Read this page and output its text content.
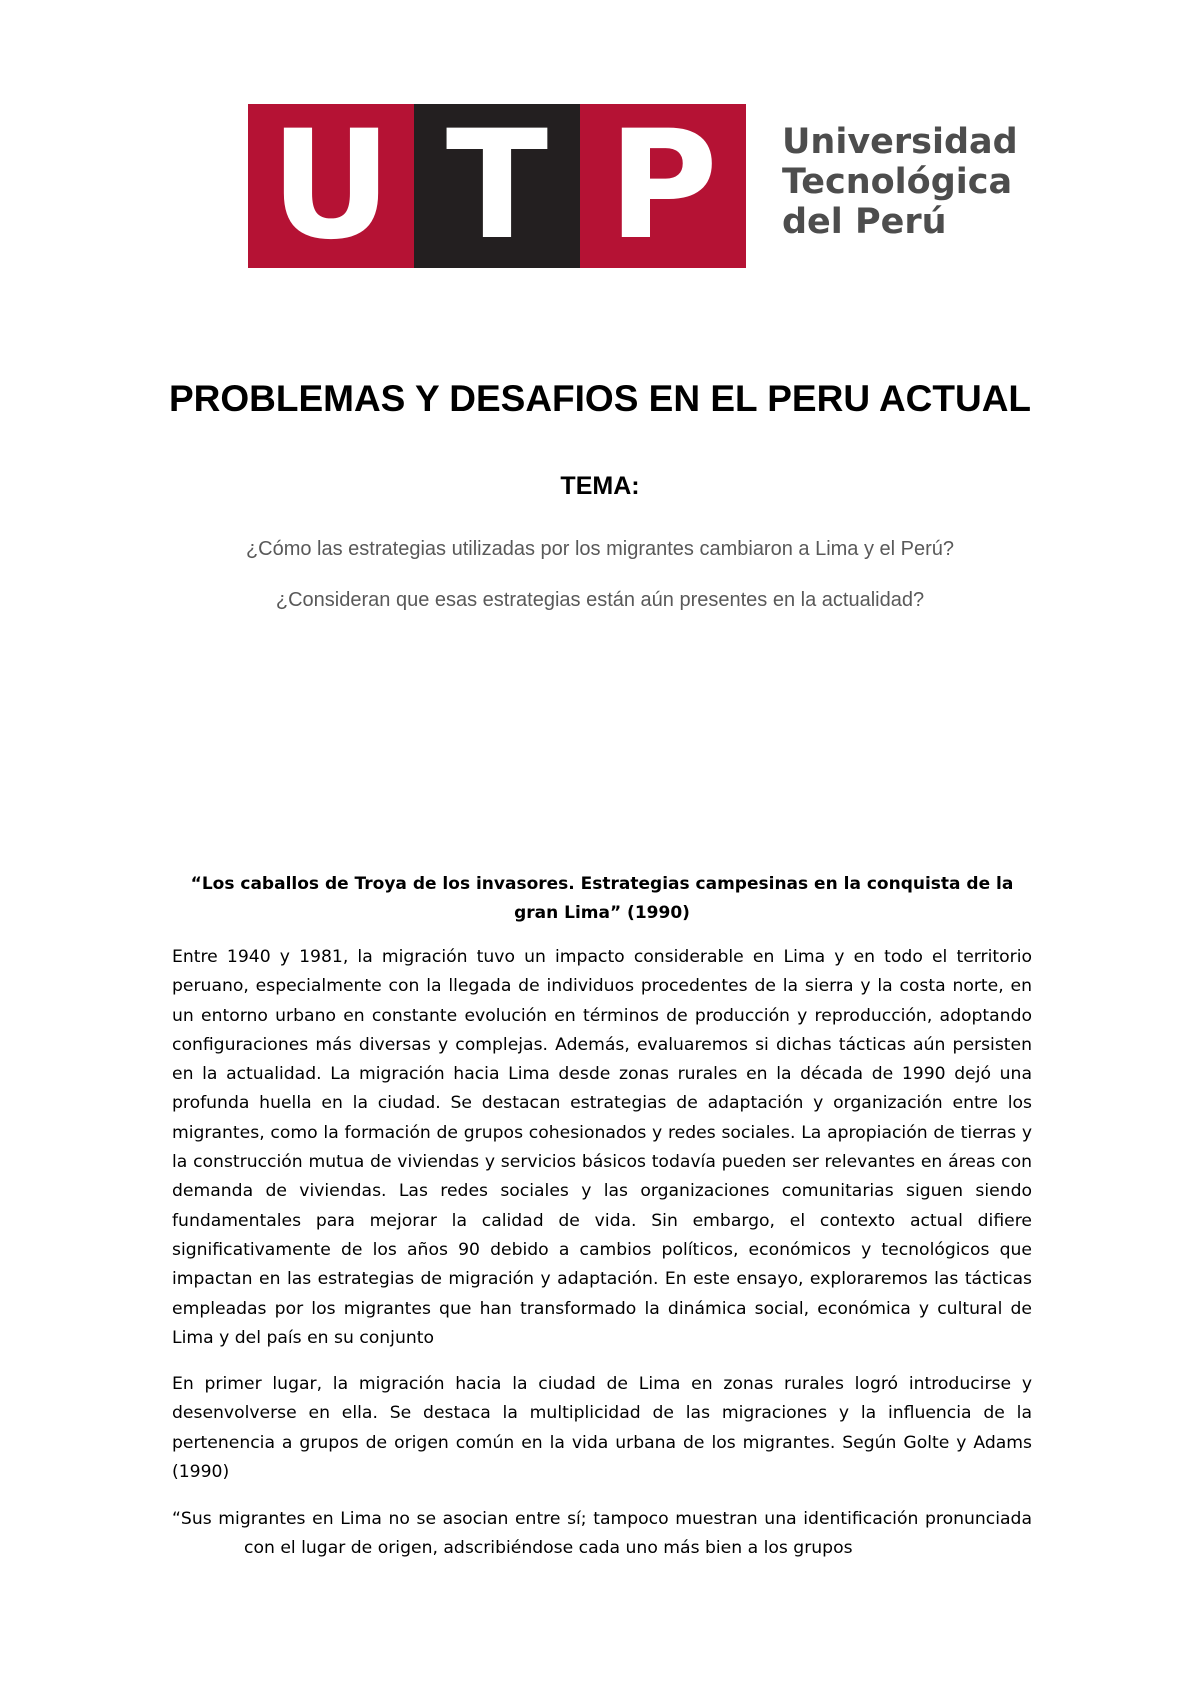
U T P Universidad
Tecnológica
del Perú
PROBLEMAS Y DESAFIOS EN EL PERU ACTUAL
TEMA:
¿Cómo las estrategias utilizadas por los migrantes cambiaron a Lima y el Perú?
¿Consideran que esas estrategias están aún presentes en la actualidad?
“Los caballos de Troya de los invasores. Estrategias campesinas en la conquista de la gran Lima” (1990)
Entre 1940 y 1981, la migración tuvo un impacto considerable en Lima y en todo el territorio peruano, especialmente con la llegada de individuos procedentes de la sierra y la costa norte, en un entorno urbano en constante evolución en términos de producción y reproducción, adoptando configuraciones más diversas y complejas. Además, evaluaremos si dichas tácticas aún persisten en la actualidad. La migración hacia Lima desde zonas rurales en la década de 1990 dejó una profunda huella en la ciudad. Se destacan estrategias de adaptación y organización entre los migrantes, como la formación de grupos cohesionados y redes sociales. La apropiación de tierras y la construcción mutua de viviendas y servicios básicos todavía pueden ser relevantes en áreas con demanda de viviendas. Las redes sociales y las organizaciones comunitarias siguen siendo fundamentales para mejorar la calidad de vida. Sin embargo, el contexto actual difiere significativamente de los años 90 debido a cambios políticos, económicos y tecnológicos que impactan en las estrategias de migración y adaptación. En este ensayo, exploraremos las tácticas empleadas por los migrantes que han transformado la dinámica social, económica y cultural de Lima y del país en su conjunto
En primer lugar, la migración hacia la ciudad de Lima en zonas rurales logró introducirse y desenvolverse en ella. Se destaca la multiplicidad de las migraciones y la influencia de la pertenencia a grupos de origen común en la vida urbana de los migrantes. Según Golte y Adams (1990)
“Sus migrantes en Lima no se asocian entre sí; tampoco muestran una identificación pronunciada con el lugar de origen, adscribiéndose cada uno más bien a los grupos
